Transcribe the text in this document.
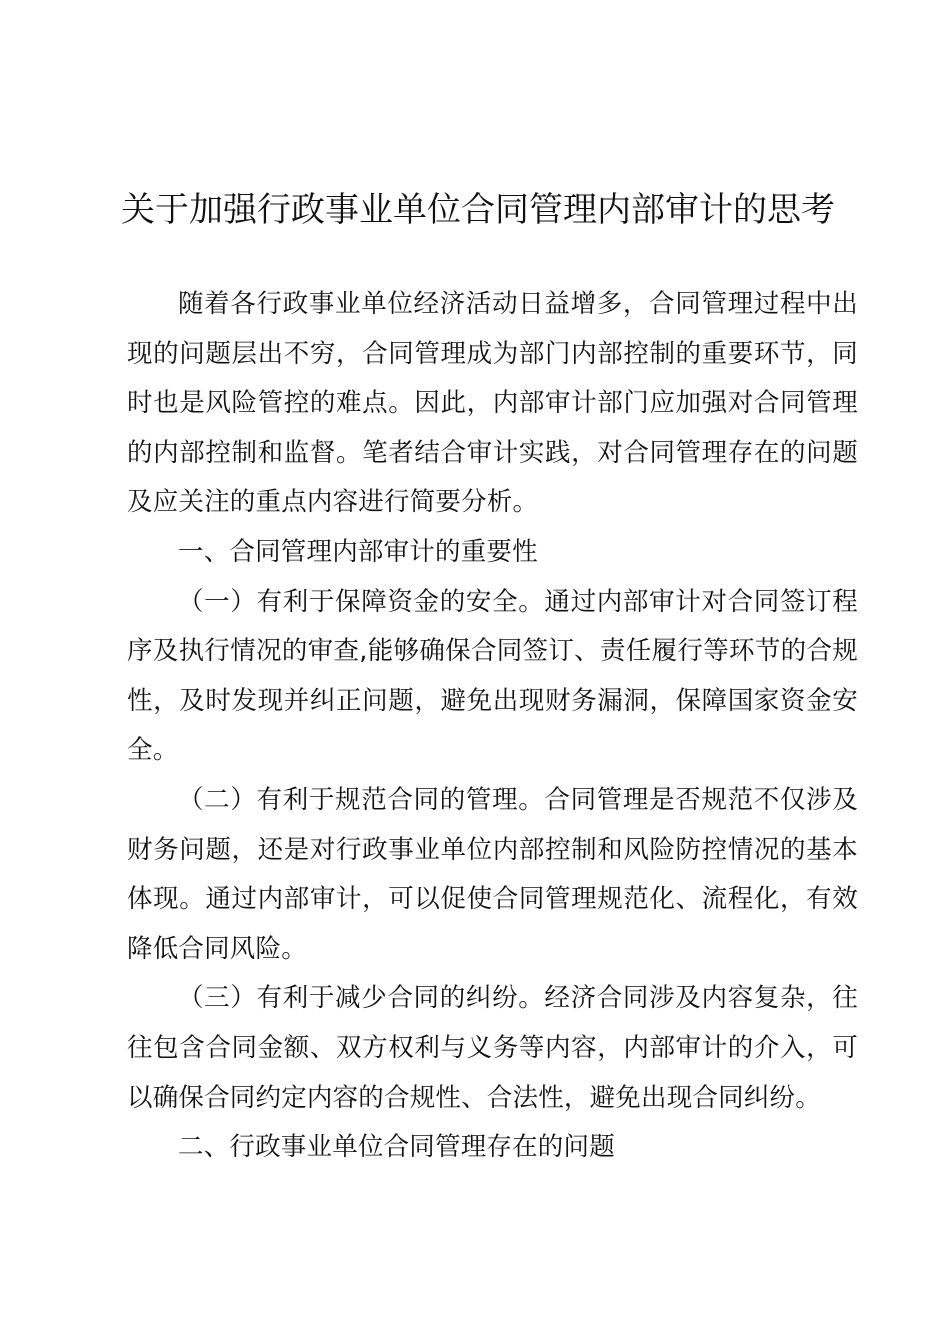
关于加强行政事业单位合同管理内部审计的思考

随着各行政事业单位经济活动日益增多，合同管理过程中出现的问题层出不穷，合同管理成为部门内部控制的重要环节，同时也是风险管控的难点。因此，内部审计部门应加强对合同管理的内部控制和监督。笔者结合审计实践，对合同管理存在的问题及应关注的重点内容进行简要分析。

一、合同管理内部审计的重要性

（一）有利于保障资金的安全。通过内部审计对合同签订程序及执行情况的审查,能够确保合同签订、责任履行等环节的合规性，及时发现并纠正问题，避免出现财务漏洞，保障国家资金安全。

（二）有利于规范合同的管理。合同管理是否规范不仅涉及财务问题，还是对行政事业单位内部控制和风险防控情况的基本体现。通过内部审计，可以促使合同管理规范化、流程化，有效降低合同风险。

（三）有利于减少合同的纠纷。经济合同涉及内容复杂，往往包含合同金额、双方权利与义务等内容，内部审计的介入，可以确保合同约定内容的合规性、合法性，避免出现合同纠纷。

二、行政事业单位合同管理存在的问题
